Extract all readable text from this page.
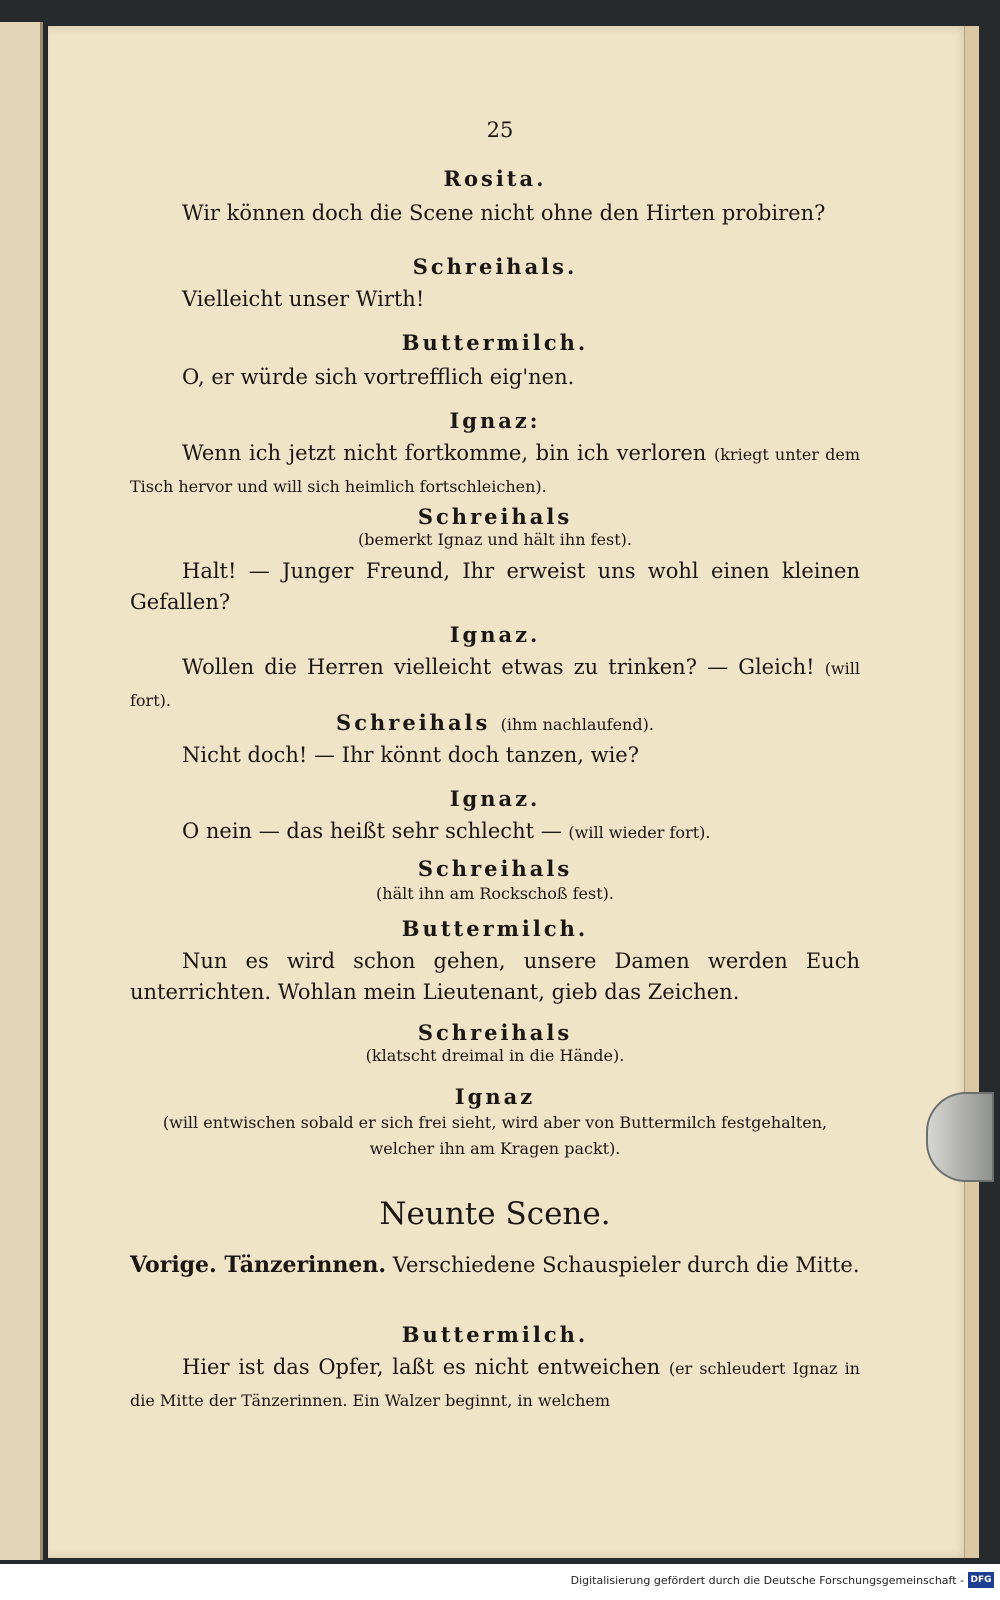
25

Rosita.

Wir können doch die Scene nicht ohne den Hirten probiren?

Schreihals.

Vielleicht unser Wirth!

Buttermilch.

O, er würde sich vortrefflich eig'nen.

Ignaz:

Wenn ich jetzt nicht fortkomme, bin ich verloren (kriegt unter dem Tisch hervor und will sich heimlich fortschleichen).

Schreihals

(bemerkt Ignaz und hält ihn fest).

Halt! — Junger Freund, Ihr erweist uns wohl einen kleinen Gefallen?

Ignaz.

Wollen die Herren vielleicht etwas zu trinken? — Gleich! (will fort).

Schreihals (ihm nachlaufend).

Nicht doch! — Ihr könnt doch tanzen, wie?

Ignaz.

O nein — das heißt sehr schlecht — (will wieder fort).

Schreihals

(hält ihn am Rockschoß fest).

Buttermilch.

Nun es wird schon gehen, unsere Damen werden Euch unterrichten. Wohlan mein Lieutenant, gieb das Zeichen.

Schreihals

(klatscht dreimal in die Hände).

Ignaz

(will entwischen sobald er sich frei sieht, wird aber von Buttermilch festgehalten, welcher ihn am Kragen packt).

Neunte Scene.

Vorige. Tänzerinnen. Verschiedene Schauspieler durch die Mitte.

Buttermilch.

Hier ist das Opfer, laßt es nicht entweichen (er schleudert Ignaz in die Mitte der Tänzerinnen. Ein Walzer beginnt, in welchem

Digitalisierung gefördert durch die Deutsche Forschungsgemeinschaft - DFG
